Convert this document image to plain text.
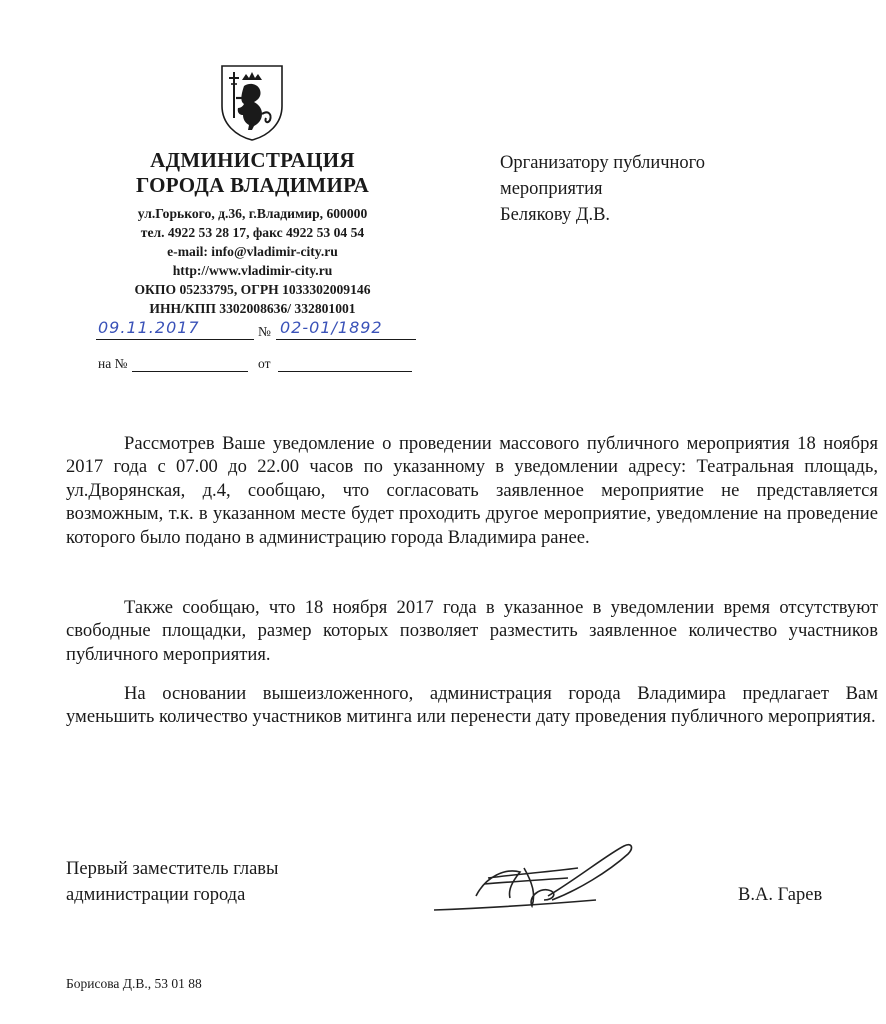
АДМИНИСТРАЦИЯ
ГОРОДА ВЛАДИМИРА
ул.Горького, д.36, г.Владимир, 600000
тел. 4922 53 28 17, факс 4922 53 04 54
e-mail: info@vladimir-city.ru
http://www.vladimir-city.ru
ОКПО 05233795, ОГРН 1033302009146
ИНН/КПП 3302008636/ 332801001
09.11.2017	№ 02-01/1892
на №	от
Организатору публичного
мероприятия
Белякову Д.В.
Рассмотрев Ваше уведомление о проведении массового публичного мероприятия 18 ноября 2017 года с 07.00 до 22.00 часов по указанному в уведомлении адресу: Театральная площадь, ул.Дворянская, д.4, сообщаю, что согласовать заявленное мероприятие не представляется возможным, т.к. в указанном месте будет проходить другое мероприятие, уведомление на проведение которого было подано в администрацию города Владимира ранее.
Также сообщаю, что 18 ноября 2017 года в указанное в уведомлении время отсутствуют свободные площадки, размер которых позволяет разместить заявленное количество участников публичного мероприятия.
На основании вышеизложенного, администрация города Владимира предлагает Вам уменьшить количество участников митинга или перенести дату проведения публичного мероприятия.
Первый заместитель главы
администрации города	В.А. Гарев
Борисова Д.В., 53 01 88
